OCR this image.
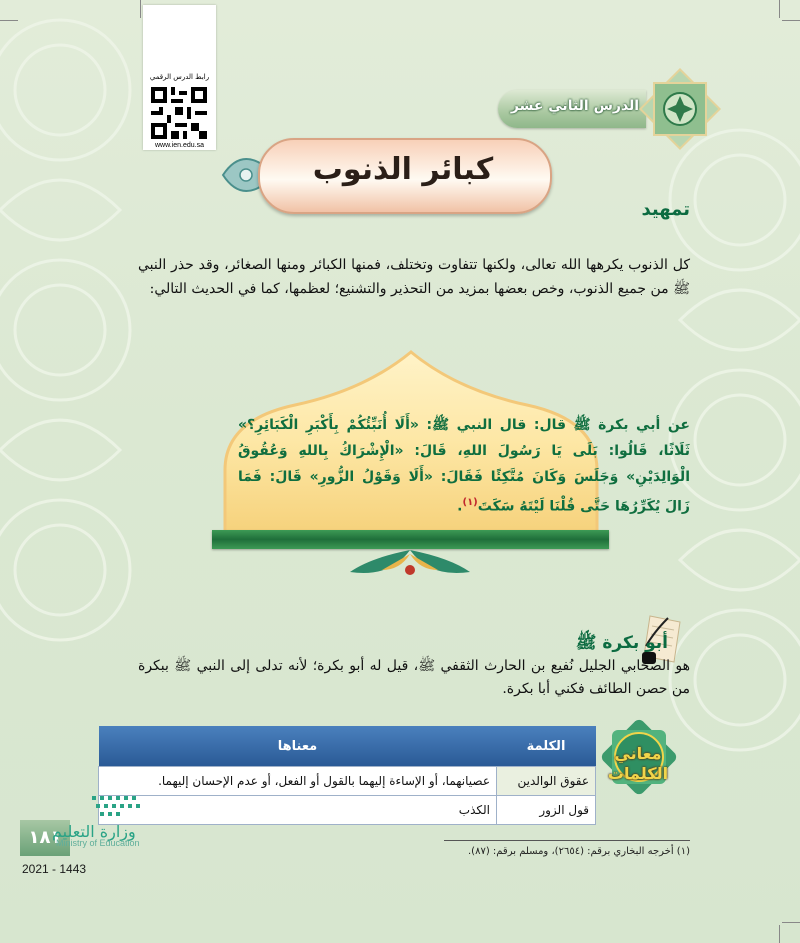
رابط الدرس الرقمي
www.ien.edu.sa
الدرس الثاني عشر
كبائر الذنوب
تمهيد
كل الذنوب يكرهها الله تعالى، ولكنها تتفاوت وتختلف، فمنها الكبائر ومنها الصغائر، وقد حذر النبي ﷺ من جميع الذنوب، وخص بعضها بمزيد من التحذير والتشنيع؛ لعظمها، كما في الحديث التالي:
عن أبي بكرة ﷺ قال: قال النبي ﷺ: «أَلَا أُنَبِّئُكُمْ بِأَكْبَرِ الْكَبَائِرِ؟» ثَلَاثًا، قَالُوا: بَلَى يَا رَسُولَ اللهِ، قَالَ: «الْإِشْرَاكُ بِاللهِ وَعُقُوقُ الْوَالِدَيْنِ» وَجَلَسَ وَكَانَ مُتَّكِئًا فَقَالَ: «أَلَا وَقَوْلُ الزُّورِ» قَالَ: فَمَا زَالَ يُكَرِّرُهَا حَتَّى قُلْنَا لَيْتَهُ سَكَتَ$^{(١)}$.
أبو بكرة ﷺ
هو الصحابي الجليل نُفيع بن الحارث الثقفي ﷺ، قيل له أبو بكرة؛ لأنه تدلى إلى النبي ﷺ ببكرة من حصن الطائف فكني أبا بكرة.
معاني الكلمات
الكلمة	معناها
عقوق الوالدين	عصيانهما، أو الإساءة إليهما بالقول أو الفعل، أو عدم الإحسان إليهما.
قول الزور	الكذب
١٨١
وزارة التعليم
Ministry of Education
2021 - 1443
(١) أخرجه البخاري برقم: (٢٦٥٤)، ومسلم برقم: (٨٧).
